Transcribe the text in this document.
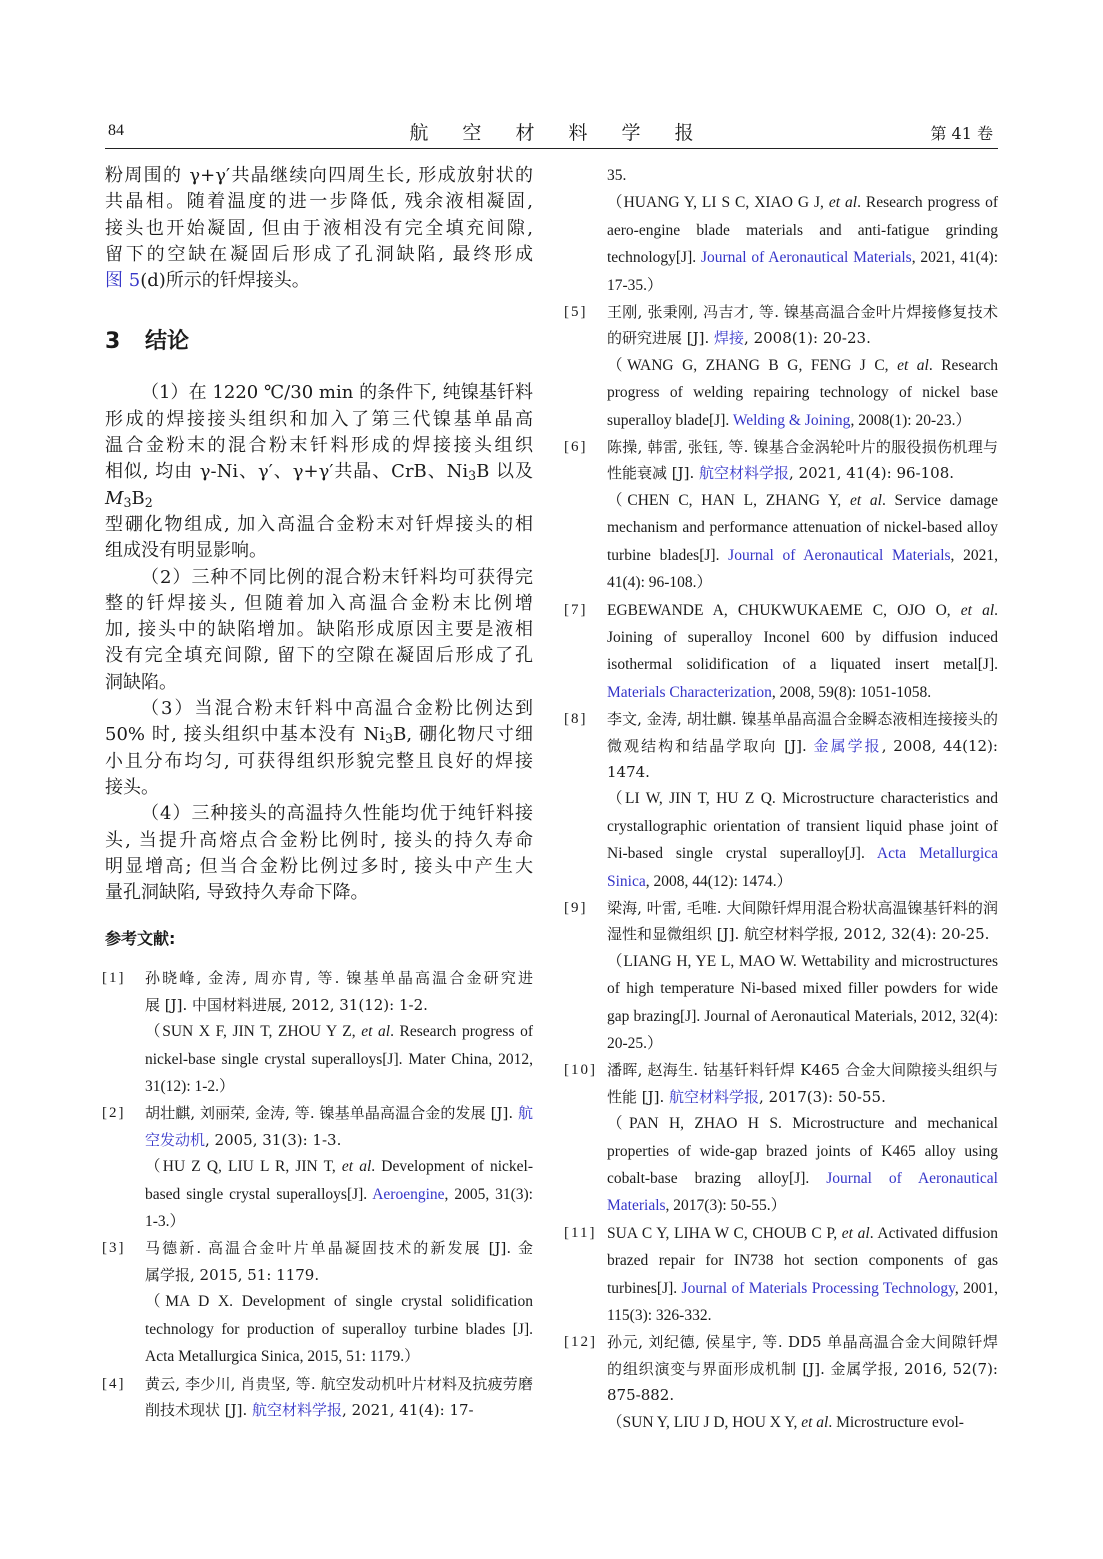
84	航 空 材 料 学 报	第 41 卷
粉周围的 γ+γ′共晶继续向四周生长, 形成放射状的
共晶相。随着温度的进一步降低, 残余液相凝固,
接头也开始凝固, 但由于液相没有完全填充间隙,
留下的空缺在凝固后形成了孔洞缺陷, 最终形成
图 5(d)所示的钎焊接头。
3 结论
（1）在 1220 ℃/30 min 的条件下, 纯镍基钎料
形成的焊接接头组织和加入了第三代镍基单晶高
温合金粉末的混合粉末钎料形成的焊接接头组织
相似, 均由 γ-Ni、γ′、γ+γ′共晶、CrB、$Ni_3B$ 以及 $M_3B_2$
型硼化物组成, 加入高温合金粉末对钎焊接头的相
组成没有明显影响。
（2）三种不同比例的混合粉末钎料均可获得完
整的钎焊接头, 但随着加入高温合金粉末比例增
加, 接头中的缺陷增加。缺陷形成原因主要是液相
没有完全填充间隙, 留下的空隙在凝固后形成了孔
洞缺陷。
（3）当混合粉末钎料中高温合金粉比例达到
50% 时, 接头组织中基本没有 $Ni_3B$, 硼化物尺寸细
小且分布均匀, 可获得组织形貌完整且良好的焊接
接头。
（4）三种接头的高温持久性能均优于纯钎料接
头, 当提升高熔点合金粉比例时, 接头的持久寿命
明显增高; 但当合金粉比例过多时, 接头中产生大
量孔洞缺陷, 导致持久寿命下降。
参考文献:
[1] 孙晓峰, 金涛, 周亦胄, 等. 镍基单晶高温合金研究进
展 [J]. 中国材料进展, 2012, 31(12): 1-2.
（SUN X F, JIN T, ZHOU Y Z, et al. Research progress of nickel-base single crystal superalloys[J]. Mater China, 2012, 31(12): 1-2.）
[2] 胡壮麒, 刘丽荣, 金涛, 等. 镍基单晶高温合金的发展 [J]. 航空发动机, 2005, 31(3): 1-3.
（HU Z Q, LIU L R, JIN T, et al. Development of nickel-based single crystal superalloys[J]. Aeroengine, 2005, 31(3): 1-3.）
[3] 马德新. 高温合金叶片单晶凝固技术的新发展 [J]. 金
属学报, 2015, 51: 1179.
（MA D X. Development of single crystal solidification technology for production of superalloy turbine blades [J]. Acta Metallurgica Sinica, 2015, 51: 1179.）
[4] 黄云, 李少川, 肖贵坚, 等. 航空发动机叶片材料及抗疲劳磨削技术现状 [J]. 航空材料学报, 2021, 41(4): 17-
35.
（HUANG Y, LI S C, XIAO G J, et al. Research progress of aero-engine blade materials and anti-fatigue grinding technology[J]. Journal of Aeronautical Materials, 2021, 41(4): 17-35.）
[5] 王刚, 张秉刚, 冯吉才, 等. 镍基高温合金叶片焊接修复技术的研究进展 [J]. 焊接, 2008(1): 20-23.
（WANG G, ZHANG B G, FENG J C, et al. Research progress of welding repairing technology of nickel base superalloy blade[J]. Welding & Joining, 2008(1): 20-23.）
[6] 陈操, 韩雷, 张钰, 等. 镍基合金涡轮叶片的服役损伤机理与性能衰减 [J]. 航空材料学报, 2021, 41(4): 96-108.
（CHEN C, HAN L, ZHANG Y, et al. Service damage mechanism and performance attenuation of nickel-based alloy turbine blades[J]. Journal of Aeronautical Materials, 2021, 41(4): 96-108.）
[7] EGBEWANDE A, CHUKWUKAEME C, OJO O, et al. Joining of superalloy Inconel 600 by diffusion induced isothermal solidification of a liquated insert metal[J]. Materials Characterization, 2008, 59(8): 1051-1058.
[8] 李文, 金涛, 胡壮麒. 镍基单晶高温合金瞬态液相连接接头的微观结构和结晶学取向 [J]. 金属学报, 2008, 44(12): 1474.
（LI W, JIN T, HU Z Q. Microstructure characteristics and crystallographic orientation of transient liquid phase joint of Ni-based single crystal superalloy[J]. Acta Metallurgica Sinica, 2008, 44(12): 1474.）
[9] 梁海, 叶雷, 毛唯. 大间隙钎焊用混合粉状高温镍基钎料的润湿性和显微组织 [J]. 航空材料学报, 2012, 32(4): 20-25.
（LIANG H, YE L, MAO W. Wettability and microstructures of high temperature Ni-based mixed filler powders for wide gap brazing[J]. Journal of Aeronautical Materials, 2012, 32(4): 20-25.）
[10] 潘晖, 赵海生. 钴基钎料钎焊 K465 合金大间隙接头组织与性能 [J]. 航空材料学报, 2017(3): 50-55.
（PAN H, ZHAO H S. Microstructure and mechanical properties of wide-gap brazed joints of K465 alloy using cobalt-base brazing alloy[J]. Journal of Aeronautical Materials, 2017(3): 50-55.）
[11] SUA C Y, LIHA W C, CHOUB C P, et al. Activated diffusion brazed repair for IN738 hot section components of gas turbines[J]. Journal of Materials Processing Technology, 2001, 115(3): 326-332.
[12] 孙元, 刘纪德, 侯星宇, 等. DD5 单晶高温合金大间隙钎焊的组织演变与界面形成机制 [J]. 金属学报, 2016, 52(7): 875-882.
（SUN Y, LIU J D, HOU X Y, et al. Microstructure evol-
